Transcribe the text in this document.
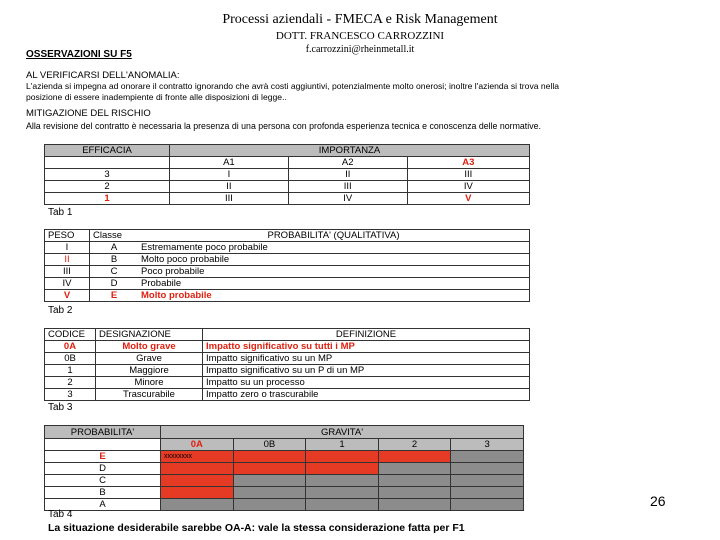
Processi aziendali - FMECA e Risk Management
DOTT. FRANCESCO CARROZZINI
f.carrozzini@rheinmetall.it
OSSERVAZIONI SU F5
AL VERIFICARSI DELL'ANOMALIA:
L'azienda si impegna ad onorare il contratto ignorando che avrà costi aggiuntivi, potenzialmente molto onerosi; inoltre l'azienda si trova nella
posizione di essere inadempiente di fronte alle disposizioni di legge..
MITIGAZIONE DEL RISCHIO
Alla revisione del contratto è necessaria la presenza di una persona con profonda esperienza tecnica e conoscenza delle normative.
EFFICACIA	IMPORTANZA		
	A1	A2	A3
3	I	II	III
2	II	III	IV
1	III	IV	V
Tab 1
PESO	Classe	PROBABILITA' (QUALITATIVA)
I	A	Estremamente poco probabile
II	B	Molto poco probabile
III	C	Poco probabile
IV	D	Probabile
V	E	Molto probabile
Tab 2
CODICE	DESIGNAZIONE	DEFINIZIONE
0A	Molto grave	Impatto significativo su tutti i MP
0B	Grave	Impatto significativo su un MP
1	Maggiore	Impatto significativo su un P di un MP
2	Minore	Impatto su un processo
3	Trascurabile	Impatto zero o trascurabile
Tab 3
PROBABILITA'	GRAVITA'				
	0A	0B	1	2	3
E	xxxxxxxx				
D					
C					
B					
A					
Tab 4
26
La situazione desiderabile sarebbe OA-A: vale la stessa considerazione fatta per F1
